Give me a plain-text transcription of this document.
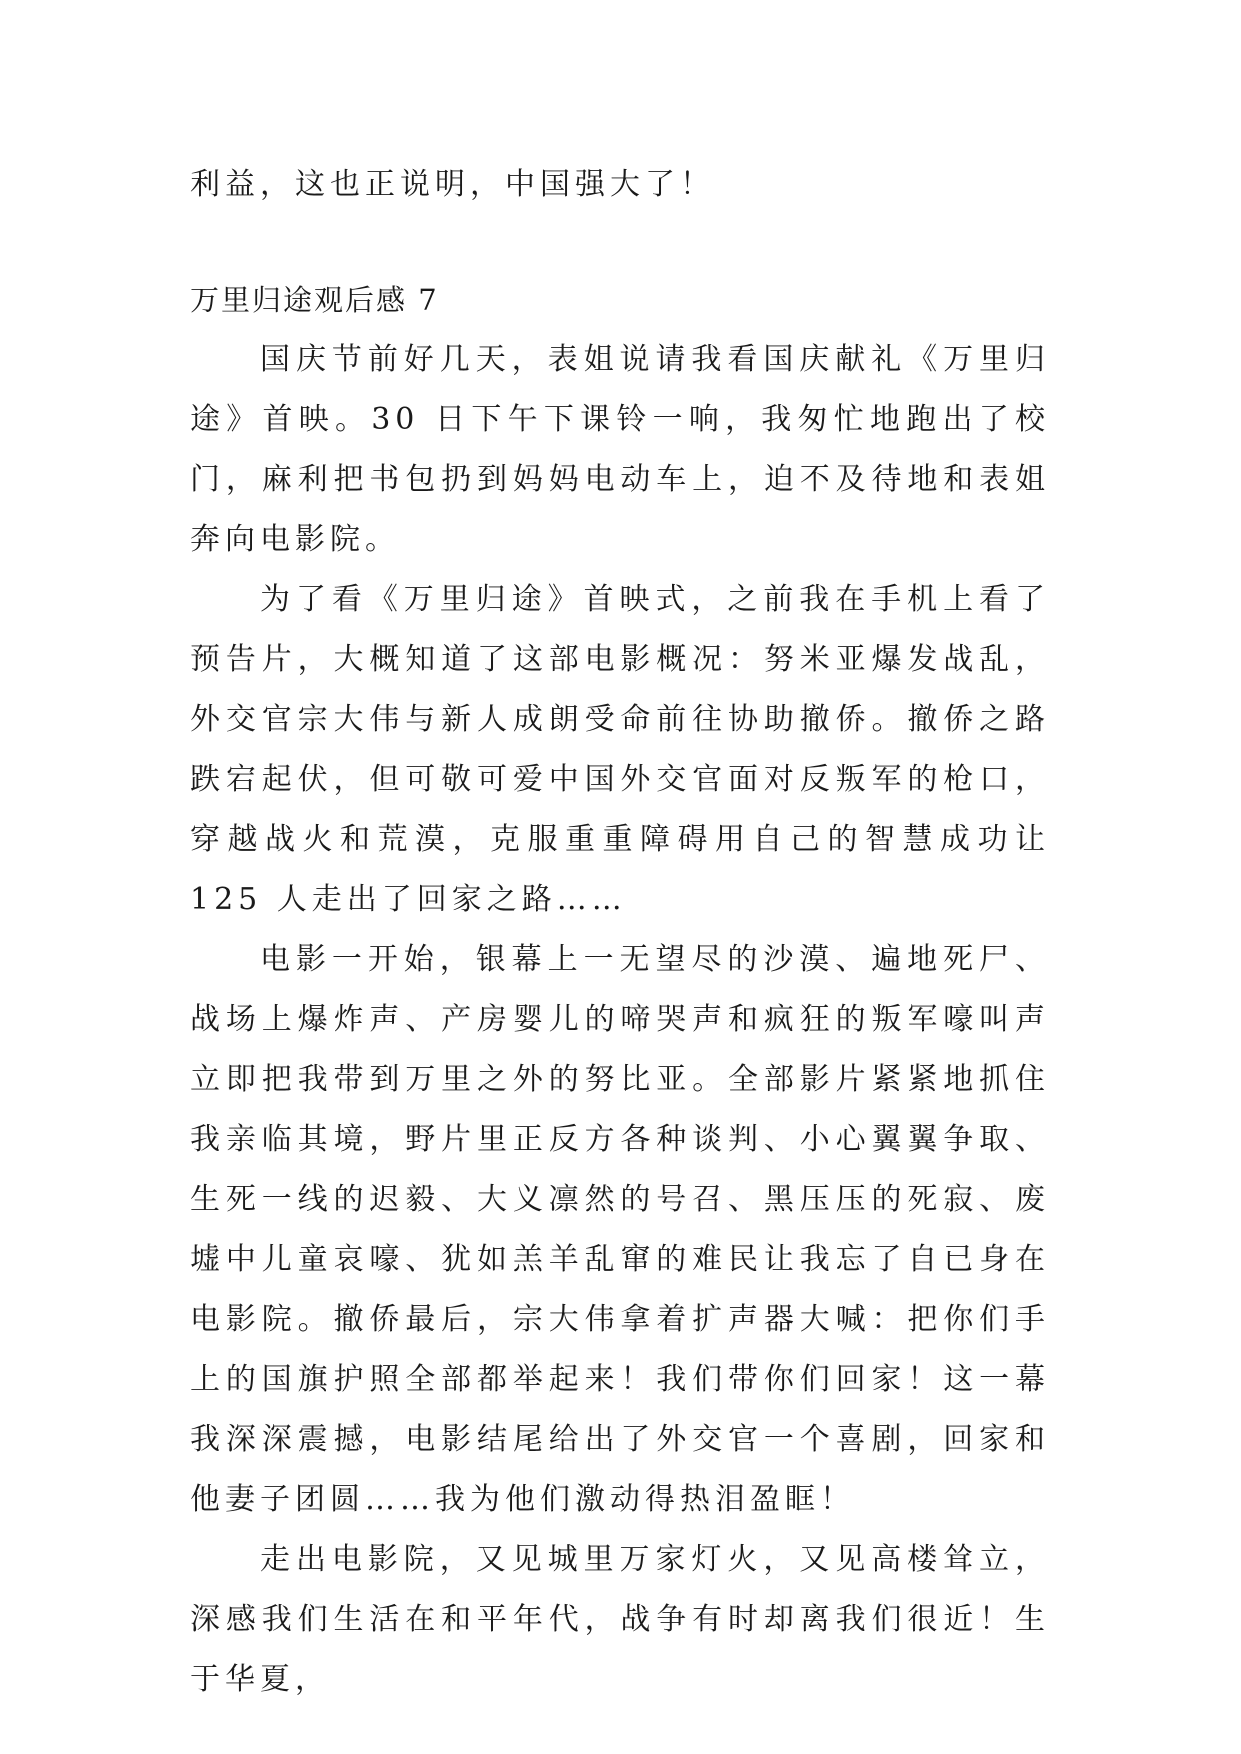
利益，这也正说明，中国强大了！
万里归途观后感 7

国庆节前好几天，表姐说请我看国庆献礼《万里归途》首映。30 日下午下课铃一响，我匆忙地跑出了校门，麻利把书包扔到妈妈电动车上，迫不及待地和表姐奔向电影院。

为了看《万里归途》首映式，之前我在手机上看了预告片，大概知道了这部电影概况：努米亚爆发战乱，外交官宗大伟与新人成朗受命前往协助撤侨。撤侨之路跌宕起伏，但可敬可爱中国外交官面对反叛军的枪口，穿越战火和荒漠，克服重重障碍用自己的智慧成功让 125 人走出了回家之路……

电影一开始，银幕上一无望尽的沙漠、遍地死尸、战场上爆炸声、产房婴儿的啼哭声和疯狂的叛军嚎叫声立即把我带到万里之外的努比亚。全部影片紧紧地抓住我亲临其境，野片里正反方各种谈判、小心翼翼争取、生死一线的迟毅、大义凛然的号召、黑压压的死寂、废墟中儿童哀嚎、犹如羔羊乱窜的难民让我忘了自已身在电影院。撤侨最后，宗大伟拿着扩声器大喊：把你们手上的国旗护照全部都举起来！我们带你们回家！这一幕我深深震撼，电影结尾给出了外交官一个喜剧，回家和他妻子团圆……我为他们激动得热泪盈眶！

走出电影院，又见城里万家灯火，又见高楼耸立，深感我们生活在和平年代，战争有时却离我们很近！生于华夏，
